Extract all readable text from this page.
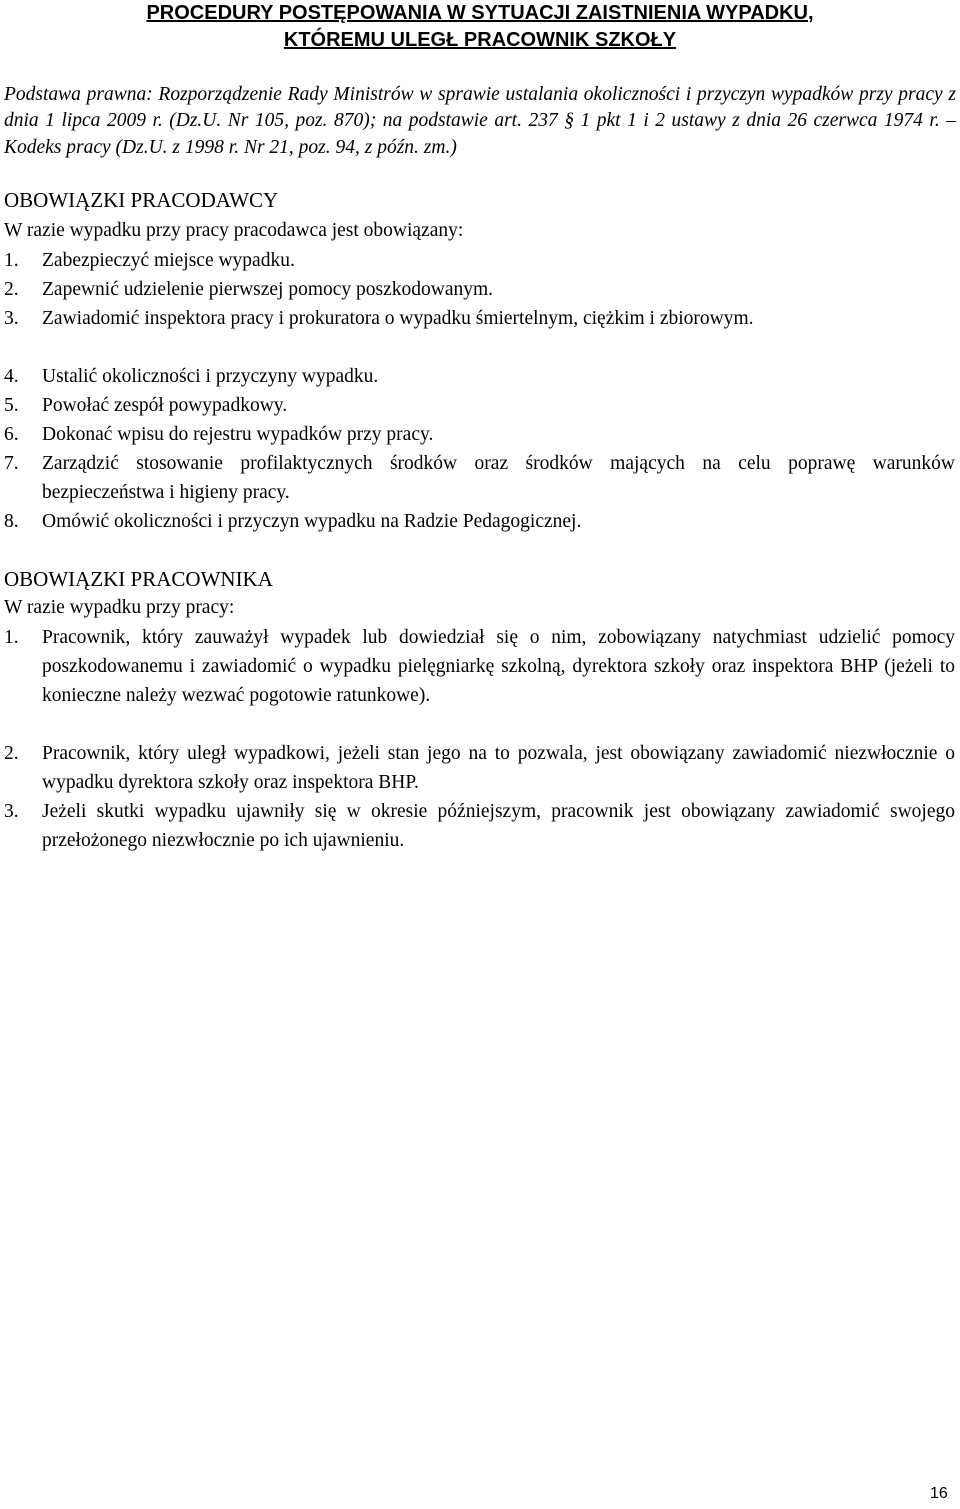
PROCEDURY POSTĘPOWANIA W SYTUACJI ZAISTNIENIA WYPADKU,
KTÓREMU ULEGŁ PRACOWNIK SZKOŁY

Podstawa prawna: Rozporządzenie Rady Ministrów w sprawie ustalania okoliczności i przyczyn wypadków przy pracy z dnia 1 lipca 2009 r. (Dz.U. Nr 105, poz. 870); na podstawie art. 237 § 1 pkt 1 i 2 ustawy z dnia 26 czerwca 1974 r. – Kodeks pracy (Dz.U. z 1998 r. Nr 21, poz. 94, z późn. zm.)

OBOWIĄZKI PRACODAWCY
W razie wypadku przy pracy pracodawca jest obowiązany:
1.	Zabezpieczyć miejsce wypadku.
2.	Zapewnić udzielenie pierwszej pomocy poszkodowanym.
3.	Zawiadomić inspektora pracy i prokuratora o wypadku śmiertelnym, ciężkim i zbiorowym.
4.	Ustalić okoliczności i przyczyny wypadku.
5.	Powołać zespół powypadkowy.
6.	Dokonać wpisu do rejestru wypadków przy pracy.
7.	Zarządzić stosowanie profilaktycznych środków oraz środków mających na celu poprawę warunków bezpieczeństwa i higieny pracy.
8.	Omówić okoliczności i przyczyn wypadku na Radzie Pedagogicznej.
OBOWIĄZKI PRACOWNIKA
W razie wypadku przy pracy:
1.	Pracownik, który zauważył wypadek lub dowiedział się o nim, zobowiązany natychmiast udzielić pomocy poszkodowanemu i zawiadomić o wypadku pielęgniarkę szkolną, dyrektora szkoły oraz inspektora BHP (jeżeli to konieczne należy wezwać pogotowie ratunkowe).
2.	Pracownik, który uległ wypadkowi, jeżeli stan jego na to pozwala, jest obowiązany zawiadomić niezwłocznie o wypadku dyrektora szkoły oraz inspektora BHP.
3.	Jeżeli skutki wypadku ujawniły się w okresie późniejszym, pracownik jest obowiązany zawiadomić swojego przełożonego niezwłocznie po ich ujawnieniu.
16
